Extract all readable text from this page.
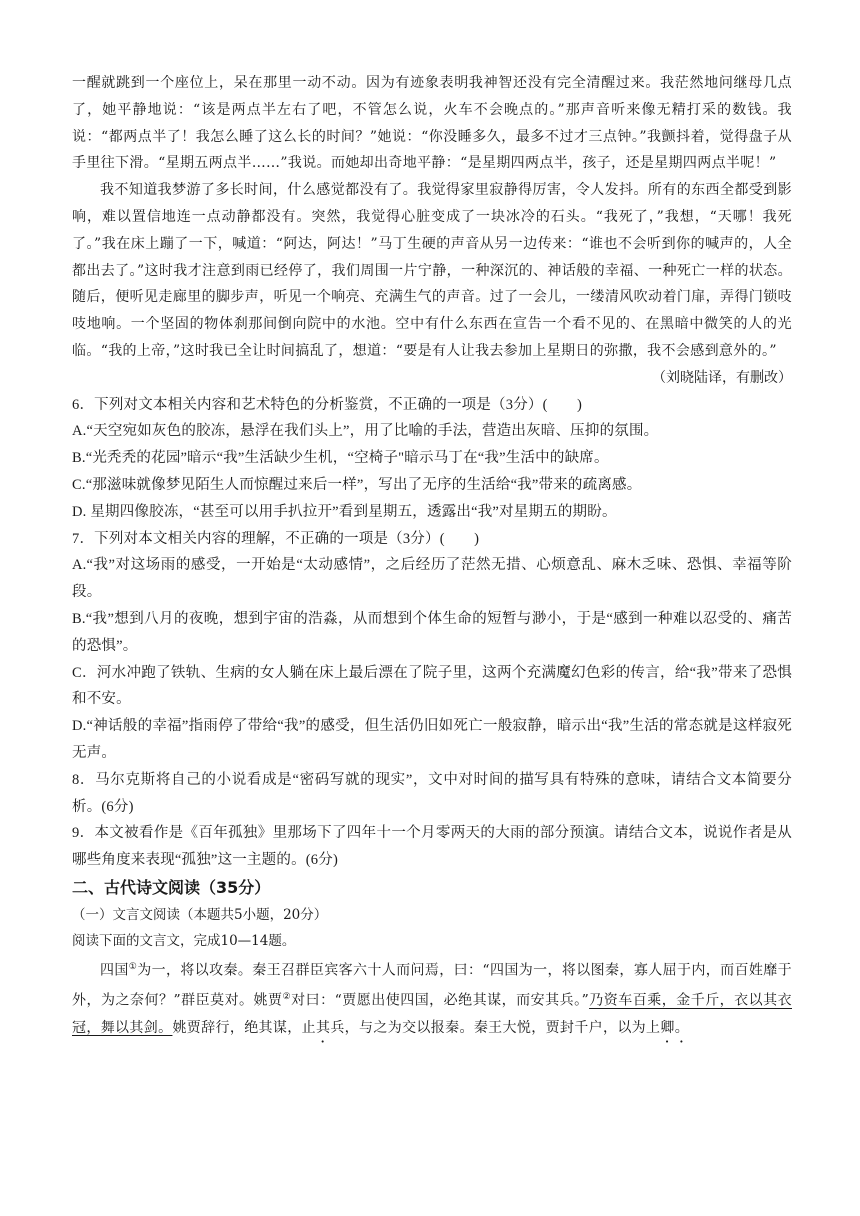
一醒就跳到一个座位上，呆在那里一动不动。因为有迹象表明我神智还没有完全清醒过来。我茫然地问继母几点了，她平静地说：“该是两点半左右了吧，不管怎么说，火车不会晚点的。”那声音听来像无精打采的数钱。我说：“都两点半了！我怎么睡了这么长的时间？”她说：“你没睡多久，最多不过才三点钟。”我颤抖着，觉得盘子从手里往下滑。“星期五两点半……”我说。而她却出奇地平静：“是星期四两点半，孩子，还是星期四两点半呢！”

我不知道我梦游了多长时间，什么感觉都没有了。我觉得家里寂静得厉害，令人发抖。所有的东西全都受到影响，难以置信地连一点动静都没有。突然，我觉得心脏变成了一块冰冷的石头。“我死了，”我想，“天哪！我死了。”我在床上蹦了一下，喊道：“阿达，阿达！”马丁生硬的声音从另一边传来：“谁也不会听到你的喊声的，人全都出去了。”这时我才注意到雨已经停了，我们周围一片宁静，一种深沉的、神话般的幸福、一种死亡一样的状态。随后，便听见走廊里的脚步声，听见一个响亮、充满生气的声音。过了一会儿，一缕清风吹动着门扉，弄得门锁吱吱地响。一个坚固的物体刹那间倒向院中的水池。空中有什么东西在宣告一个看不见的、在黑暗中微笑的人的光临。“我的上帝，”这时我已全让时间搞乱了，想道：“要是有人让我去参加上星期日的弥撒，我不会感到意外的。”

（刘晓陆译，有删改）

6．下列对文本相关内容和艺术特色的分析鉴赏，不正确的一项是（3分）(　　)

A.“天空宛如灰色的胶冻，悬浮在我们头上”，用了比喻的手法，营造出灰暗、压抑的氛围。

B.“光秃秃的花园”暗示“我”生活缺少生机，“空椅子"暗示马丁在“我”生活中的缺席。

C.“那滋味就像梦见陌生人而惊醒过来后一样”，写出了无序的生活给“我”带来的疏离感。

D. 星期四像胶冻，“甚至可以用手扒拉开”看到星期五，透露出“我”对星期五的期盼。

7．下列对本文相关内容的理解，不正确的一项是（3分）(　　)

A.“我”对这场雨的感受，一开始是“太动感情”，之后经历了茫然无措、心烦意乱、麻木乏味、恐惧、幸福等阶段。

B.“我”想到八月的夜晚，想到宇宙的浩淼，从而想到个体生命的短暂与渺小，于是“感到一种难以忍受的、痛苦的恐惧”。

C．河水冲跑了铁轨、生病的女人躺在床上最后漂在了院子里，这两个充满魔幻色彩的传言，给“我”带来了恐惧和不安。

D.“神话般的幸福”指雨停了带给“我”的感受，但生活仍旧如死亡一般寂静，暗示出“我”生活的常态就是这样寂死无声。

8．马尔克斯将自己的小说看成是“密码写就的现实”，文中对时间的描写具有特殊的意味，请结合文本简要分析。(6分)

9．本文被看作是《百年孤独》里那场下了四年十一个月零两天的大雨的部分预演。请结合文本，说说作者是从哪些角度来表现“孤独”这一主题的。(6分)

二、古代诗文阅读（35分）

（一）文言文阅读（本题共5小题，20分）

阅读下面的文言文，完成10—14题。

四国①为一，将以攻秦。秦王召群臣宾客六十人而问焉，曰：“四国为一，将以图秦，寡人屈于内，而百姓靡于外，为之奈何？”群臣莫对。姚贾②对曰：“贾愿出使四国，必绝其谋，而安其兵。”乃资车百乘，金千斤，衣以其衣冠，舞以其剑。姚贾辞行，绝其谋，止其兵，与之为交以报秦。秦王大悦，贾封千户，以为上卿。
